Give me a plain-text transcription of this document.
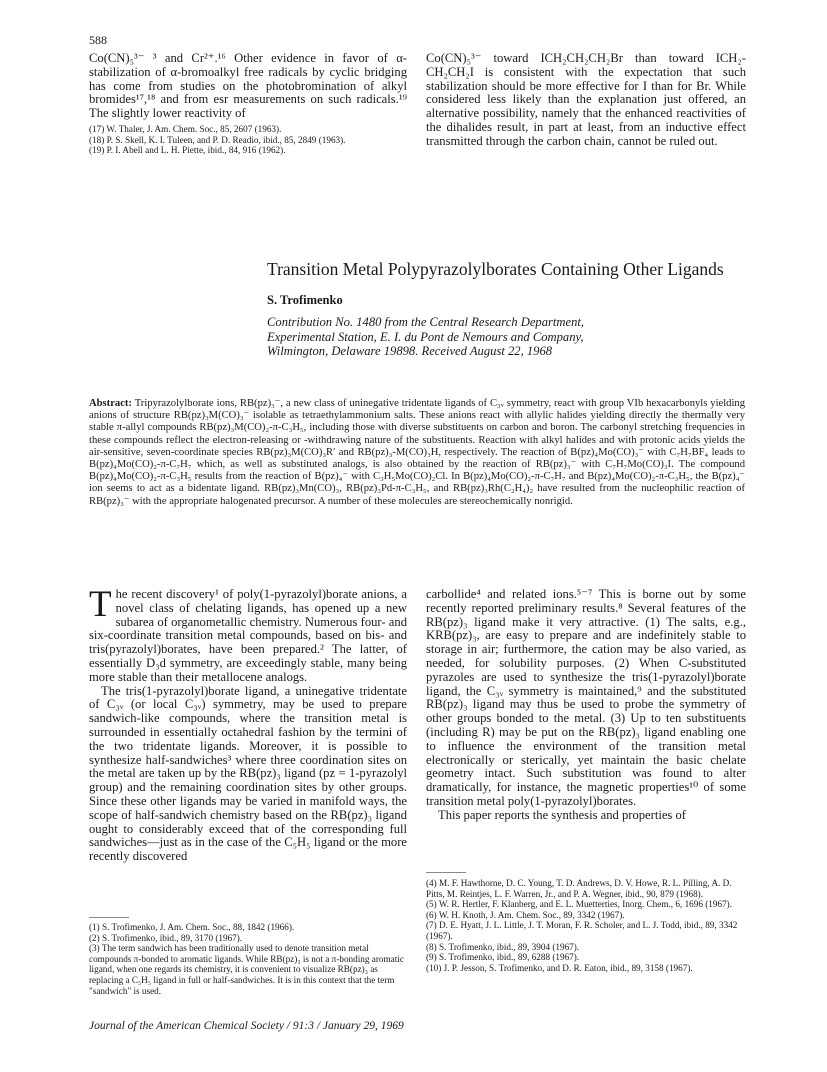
588

Co(CN)₅³⁻ ³ and Cr²⁺.¹⁶ Other evidence in favor of α-stabilization of α-bromoalkyl free radicals by cyclic bridging has come from studies on the photobromination of alkyl bromides¹⁷,¹⁸ and from esr measurements on such radicals.¹⁹ The slightly lower reactivity of

(17) W. Thaler, J. Am. Chem. Soc., 85, 2607 (1963).
(18) P. S. Skell, K. I. Tuleen, and P. D. Readio, ibid., 85, 2849 (1963).
(19) P. I. Abell and L. H. Piette, ibid., 84, 916 (1962).

Co(CN)₅³⁻ toward ICH₂CH₂CH₂Br than toward ICH₂-CH₂CH₂I is consistent with the expectation that such stabilization should be more effective for I than for Br. While considered less likely than the explanation just offered, an alternative possibility, namely that the enhanced reactivities of the dihalides result, in part at least, from an inductive effect transmitted through the carbon chain, cannot be ruled out.

Transition Metal Polypyrazolylborates Containing Other Ligands
S. Trofimenko
Contribution No. 1480 from the Central Research Department,
Experimental Station, E. I. du Pont de Nemours and Company,
Wilmington, Delaware 19898. Received August 22, 1968

Abstract: Tripyrazolylborate ions, RB(pz)₃⁻, a new class of uninegative tridentate ligands of C₃ᵥ symmetry, react with group VIb hexacarbonyls yielding anions of structure RB(pz)₃M(CO)₃⁻ isolable as tetraethylammonium salts. These anions react with allylic halides yielding directly the thermally very stable π-allyl compounds RB(pz)₃M(CO)₂-π-C₃H₅, including those with diverse substituents on carbon and boron. The carbonyl stretching frequencies in these compounds reflect the electron-releasing or -withdrawing nature of the substituents. Reaction with alkyl halides and with protonic acids yields the air-sensitive, seven-coordinate species RB(pz)₃M(CO)₃R′ and RB(pz)₃-M(CO)₃H, respectively. The reaction of B(pz)₄Mo(CO)₃⁻ with C₇H₇BF₄ leads to B(pz)₄Mo(CO)₂-π-C₇H₇ which, as well as substituted analogs, is also obtained by the reaction of RB(pz)₃⁻ with C₇H₇Mo(CO)₃I. The compound B(pz)₄Mo(CO)₂-π-C₃H₅ results from the reaction of B(pz)₄⁻ with C₃H₅Mo(CO)₂Cl. In B(pz)₄Mo(CO)₂-π-C₇H₇ and B(pz)₄Mo(CO)₂-π-C₃H₅, the B(pz)₄⁻ ion seems to act as a bidentate ligand. RB(pz)₃Mn(CO)₃, RB(pz)₃Pd-π-C₃H₅, and RB(pz)₃Rh(C₂H₄)₂ have resulted from the nucleophilic reaction of RB(pz)₃⁻ with the appropriate halogenated precursor. A number of these molecules are stereochemically nonrigid.

The recent discovery¹ of poly(1-pyrazolyl)borate anions, a novel class of chelating ligands, has opened up a new subarea of organometallic chemistry. Numerous four- and six-coordinate transition metal compounds, based on bis- and tris(pyrazolyl)borates, have been prepared.² The latter, of essentially D₃d symmetry, are exceedingly stable, many being more stable than their metallocene analogs.

The tris(1-pyrazolyl)borate ligand, a uninegative tridentate of C₃ᵥ (or local C₃ᵥ) symmetry, may be used to prepare sandwich-like compounds, where the transition metal is surrounded in essentially octahedral fashion by the termini of the two tridentate ligands. Moreover, it is possible to synthesize half-sandwiches³ where three coordination sites on the metal are taken up by the RB(pz)₃ ligand (pz = 1-pyrazolyl group) and the remaining coordination sites by other groups. Since these other ligands may be varied in manifold ways, the scope of half-sandwich chemistry based on the RB(pz)₃ ligand ought to considerably exceed that of the corresponding full sandwiches—just as in the case of the C₅H₅ ligand or the more recently discovered

(1) S. Trofimenko, J. Am. Chem. Soc., 88, 1842 (1966).
(2) S. Trofimenko, ibid., 89, 3170 (1967).
(3) The term sandwich has been traditionally used to denote transition metal compounds π-bonded to aromatic ligands. While RB(pz)₃ is not a π-bonding aromatic ligand, when one regards its chemistry, it is convenient to visualize RB(pz)₃ as replacing a C₅H₅ ligand in full or half-sandwiches. It is in this context that the term "sandwich" is used.

carbollide⁴ and related ions.⁵⁻⁷ This is borne out by some recently reported preliminary results.⁸ Several features of the RB(pz)₃ ligand make it very attractive. (1) The salts, e.g., KRB(pz)₃, are easy to prepare and are indefinitely stable to storage in air; furthermore, the cation may be also varied, as needed, for solubility purposes. (2) When C-substituted pyrazoles are used to synthesize the tris(1-pyrazolyl)borate ligand, the C₃ᵥ symmetry is maintained,⁹ and the substituted RB(pz)₃ ligand may thus be used to probe the symmetry of other groups bonded to the metal. (3) Up to ten substituents (including R) may be put on the RB(pz)₃ ligand enabling one to influence the environment of the transition metal electronically or sterically, yet maintain the basic chelate geometry intact. Such substitution was found to alter dramatically, for instance, the magnetic properties¹⁰ of some transition metal poly(1-pyrazolyl)borates.

This paper reports the synthesis and properties of

(4) M. F. Hawthorne, D. C. Young, T. D. Andrews, D. V. Howe, R. L. Pilling, A. D. Pitts, M. Reintjes, L. F. Warren, Jr., and P. A. Wegner, ibid., 90, 879 (1968).
(5) W. R. Hertler, F. Klanberg, and E. L. Muetterties, Inorg. Chem., 6, 1696 (1967).
(6) W. H. Knoth, J. Am. Chem. Soc., 89, 3342 (1967).
(7) D. E. Hyatt, J. L. Little, J. T. Moran, F. R. Scholer, and L. J. Todd, ibid., 89, 3342 (1967).
(8) S. Trofimenko, ibid., 89, 3904 (1967).
(9) S. Trofimenko, ibid., 89, 6288 (1967).
(10) J. P. Jesson, S. Trofimenko, and D. R. Eaton, ibid., 89, 3158 (1967).
Journal of the American Chemical Society / 91:3 / January 29, 1969
